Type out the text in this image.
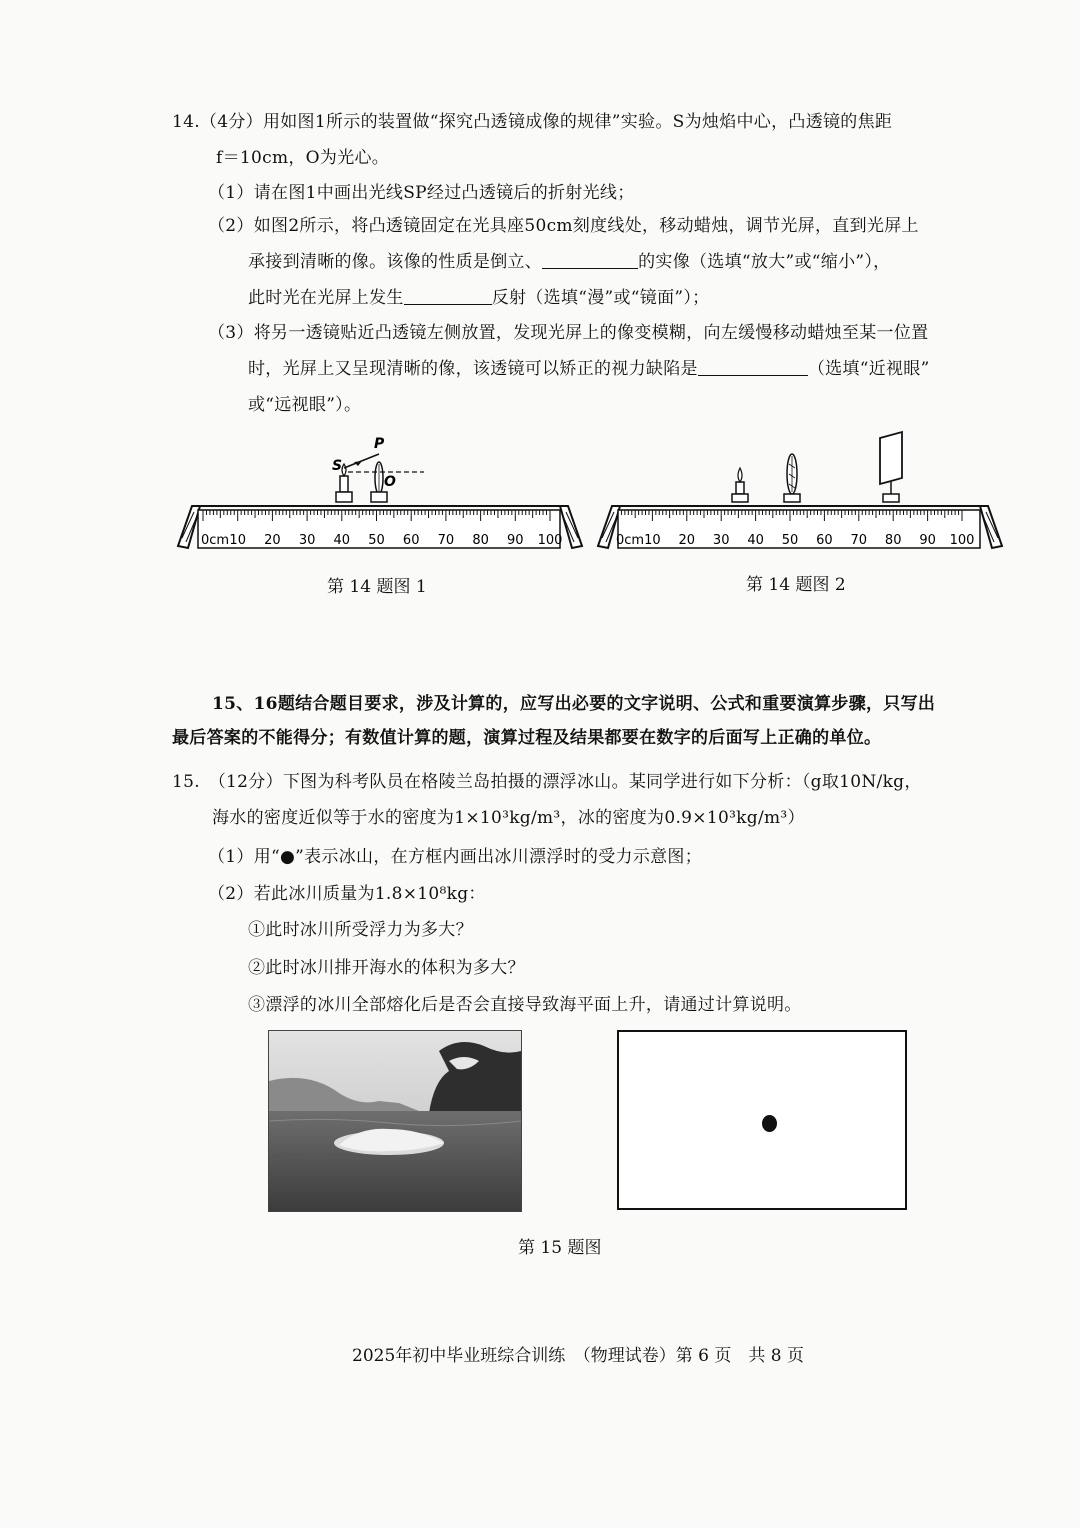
14.（4分）用如图1所示的装置做“探究凸透镜成像的规律”实验。S为烛焰中心，凸透镜的焦距
f＝10cm，O为光心。
（1）请在图1中画出光线SP经过凸透镜后的折射光线；
（2）如图2所示，将凸透镜固定在光具座50cm刻度线处，移动蜡烛，调节光屏，直到光屏上
承接到清晰的像。该像的性质是倒立、	的实像（选填“放大”或“缩小”），
此时光在光屏上发生	反射（选填“漫”或“镜面”）；
（3）将另一透镜贴近凸透镜左侧放置，发现光屏上的像变模糊，向左缓慢移动蜡烛至某一位置
时，光屏上又呈现清晰的像，该透镜可以矫正的视力缺陷是	（选填“近视眼”
或“远视眼”）。
0cm 10 20 30 40 50 60 70 80 90 100
S
P
O
0cm 10 20 30 40 50 60 70 80 90 100
第 14 题图 1	第 14 题图 2
15、16题结合题目要求，涉及计算的，应写出必要的文字说明、公式和重要演算步骤，只写出
最后答案的不能得分；有数值计算的题，演算过程及结果都要在数字的后面写上正确的单位。
15.　（12分）下图为科考队员在格陵兰岛拍摄的漂浮冰山。某同学进行如下分析：（g取10N/kg，
海水的密度近似等于水的密度为1×10³kg/m³，冰的密度为0.9×10³kg/m³）
（1）用“●”表示冰山，在方框内画出冰川漂浮时的受力示意图；
（2）若此冰川质量为1.8×10⁸kg：
①此时冰川所受浮力为多大？
②此时冰川排开海水的体积为多大？
③漂浮的冰川全部熔化后是否会直接导致海平面上升，请通过计算说明。
第 15 题图
2025年初中毕业班综合训练　（物理试卷）第 6 页　共 8 页
